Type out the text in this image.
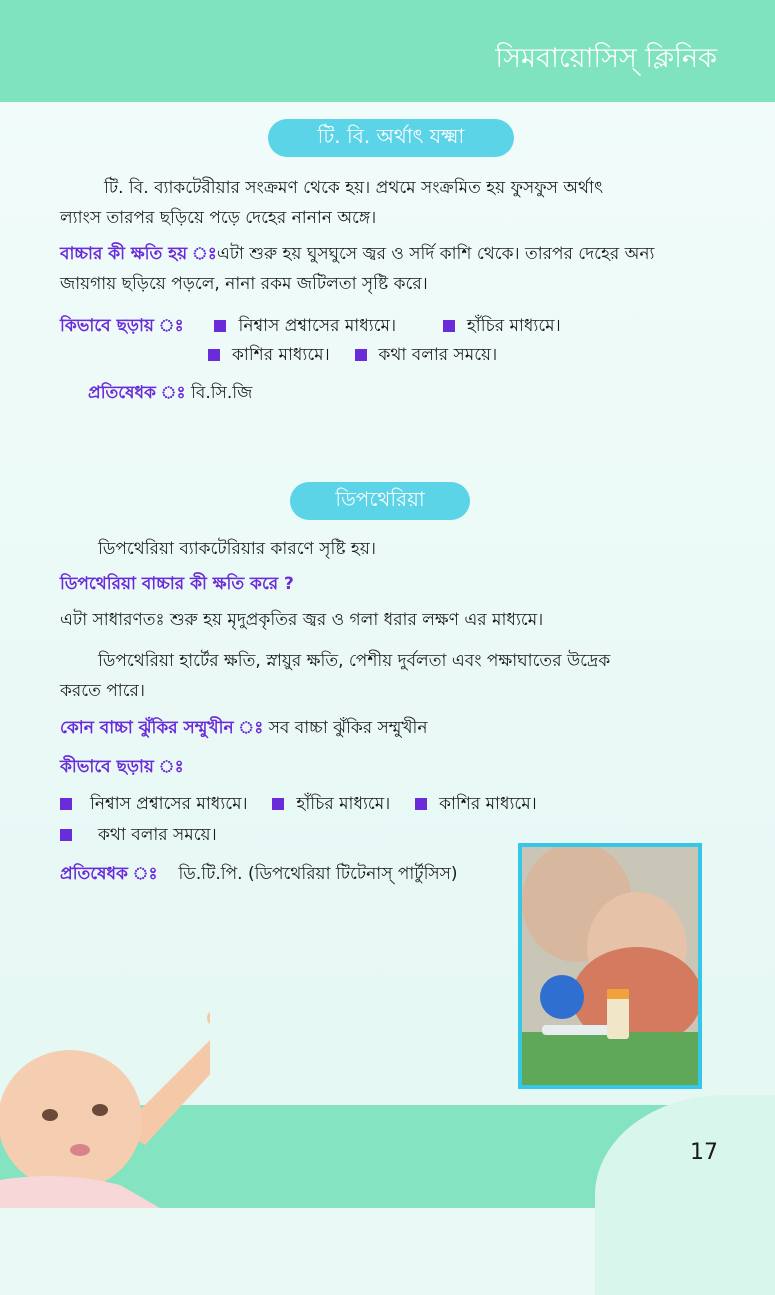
সিমবায়োসিস্ ক্লিনিক
টি. বি. অর্থাৎ যক্ষ্মা
টি. বি. ব্যাকটেরীয়ার সংক্রমণ থেকে হয়। প্রথমে সংক্রমিত হয় ফুসফুস অর্থাৎ
ল্যাংস তারপর ছড়িয়ে পড়ে দেহের নানান অঙ্গে।
বাচ্চার কী ক্ষতি হয় ঃএটা শুরু হয় ঘুসঘুসে জ্বর ও সর্দি কাশি থেকে। তারপর দেহের অন্য
জায়গায় ছড়িয়ে পড়লে, নানা রকম জটিলতা সৃষ্টি করে।
কিভাবে ছড়ায় ঃ	নিশ্বাস প্রশ্বাসের মাধ্যমে।	হাঁচির মাধ্যমে।
কাশির মাধ্যমে।	কথা বলার সময়ে।
প্রতিষেধক ঃ বি.সি.জি
ডিপথেরিয়া
ডিপথেরিয়া ব্যাকটেরিয়ার কারণে সৃষ্টি হয়।
ডিপথেরিয়া বাচ্চার কী ক্ষতি করে ?
এটা সাধারণতঃ শুরু হয় মৃদুপ্রকৃতির জ্বর ও গলা ধরার লক্ষণ এর মাধ্যমে।
ডিপথেরিয়া হার্টের ক্ষতি, স্নায়ুর ক্ষতি, পেশীয় দুর্বলতা এবং পক্ষাঘাতের উদ্রেক
করতে পারে।
কোন বাচ্চা ঝুঁকির সম্মুখীন ঃ সব বাচ্চা ঝুঁকির সম্মুখীন
কীভাবে ছড়ায় ঃ
নিশ্বাস প্রশ্বাসের মাধ্যমে।	হাঁচির মাধ্যমে।	কাশির মাধ্যমে।
কথা বলার সময়ে।
প্রতিষেধক ঃ ডি.টি.পি. (ডিপথেরিয়া টিটেনাস্ পার্টুসিস)
17
